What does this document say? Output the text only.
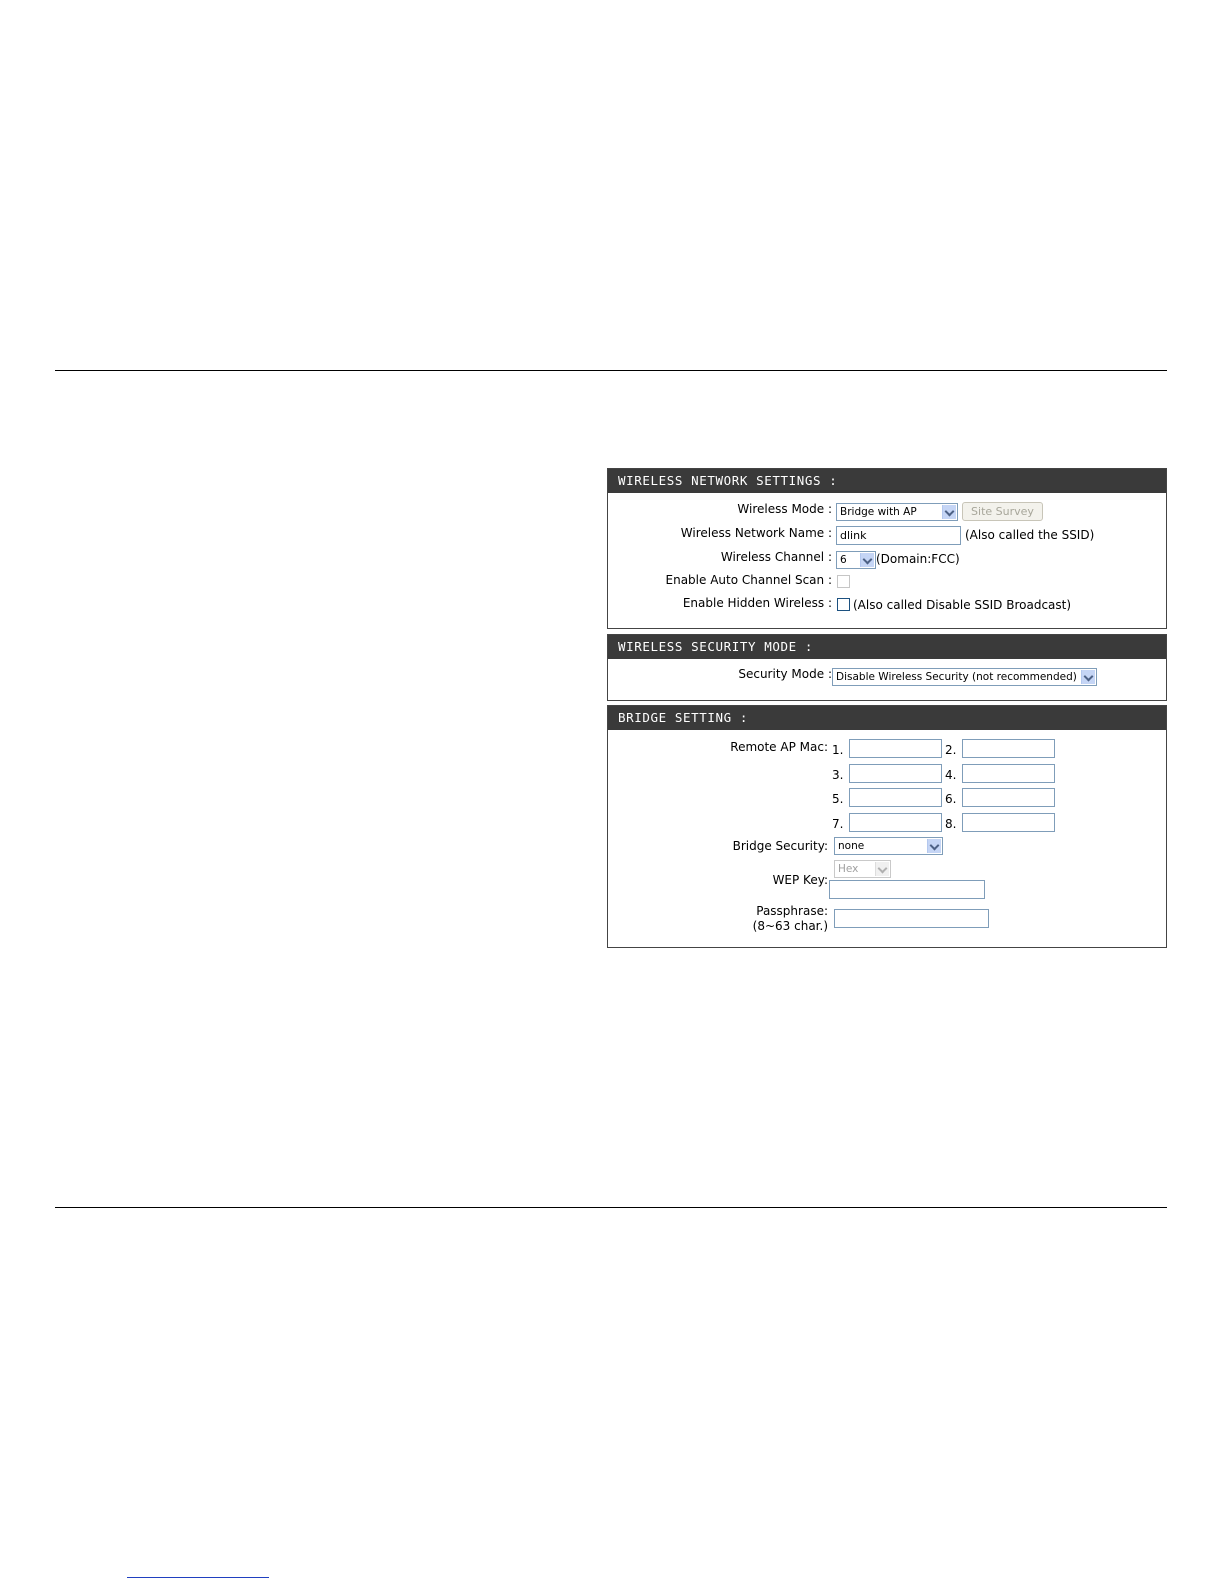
WIRELESS NETWORK SETTINGS :
Wireless Mode : Bridge with AP	Site Survey
Wireless Network Name : dlink	(Also called the SSID)
Wireless Channel : 6	(Domain:FCC)
Enable Auto Channel Scan :
Enable Hidden Wireless : (Also called Disable SSID Broadcast)
WIRELESS SECURITY MODE :
Security Mode : Disable Wireless Security (not recommended)
BRIDGE SETTING :
Remote AP Mac: 1.	2.
3.	4.
5.	6.
7.	8.
Bridge Security: none
Hex
WEP Key:
Passphrase:
(8~63 char.)
